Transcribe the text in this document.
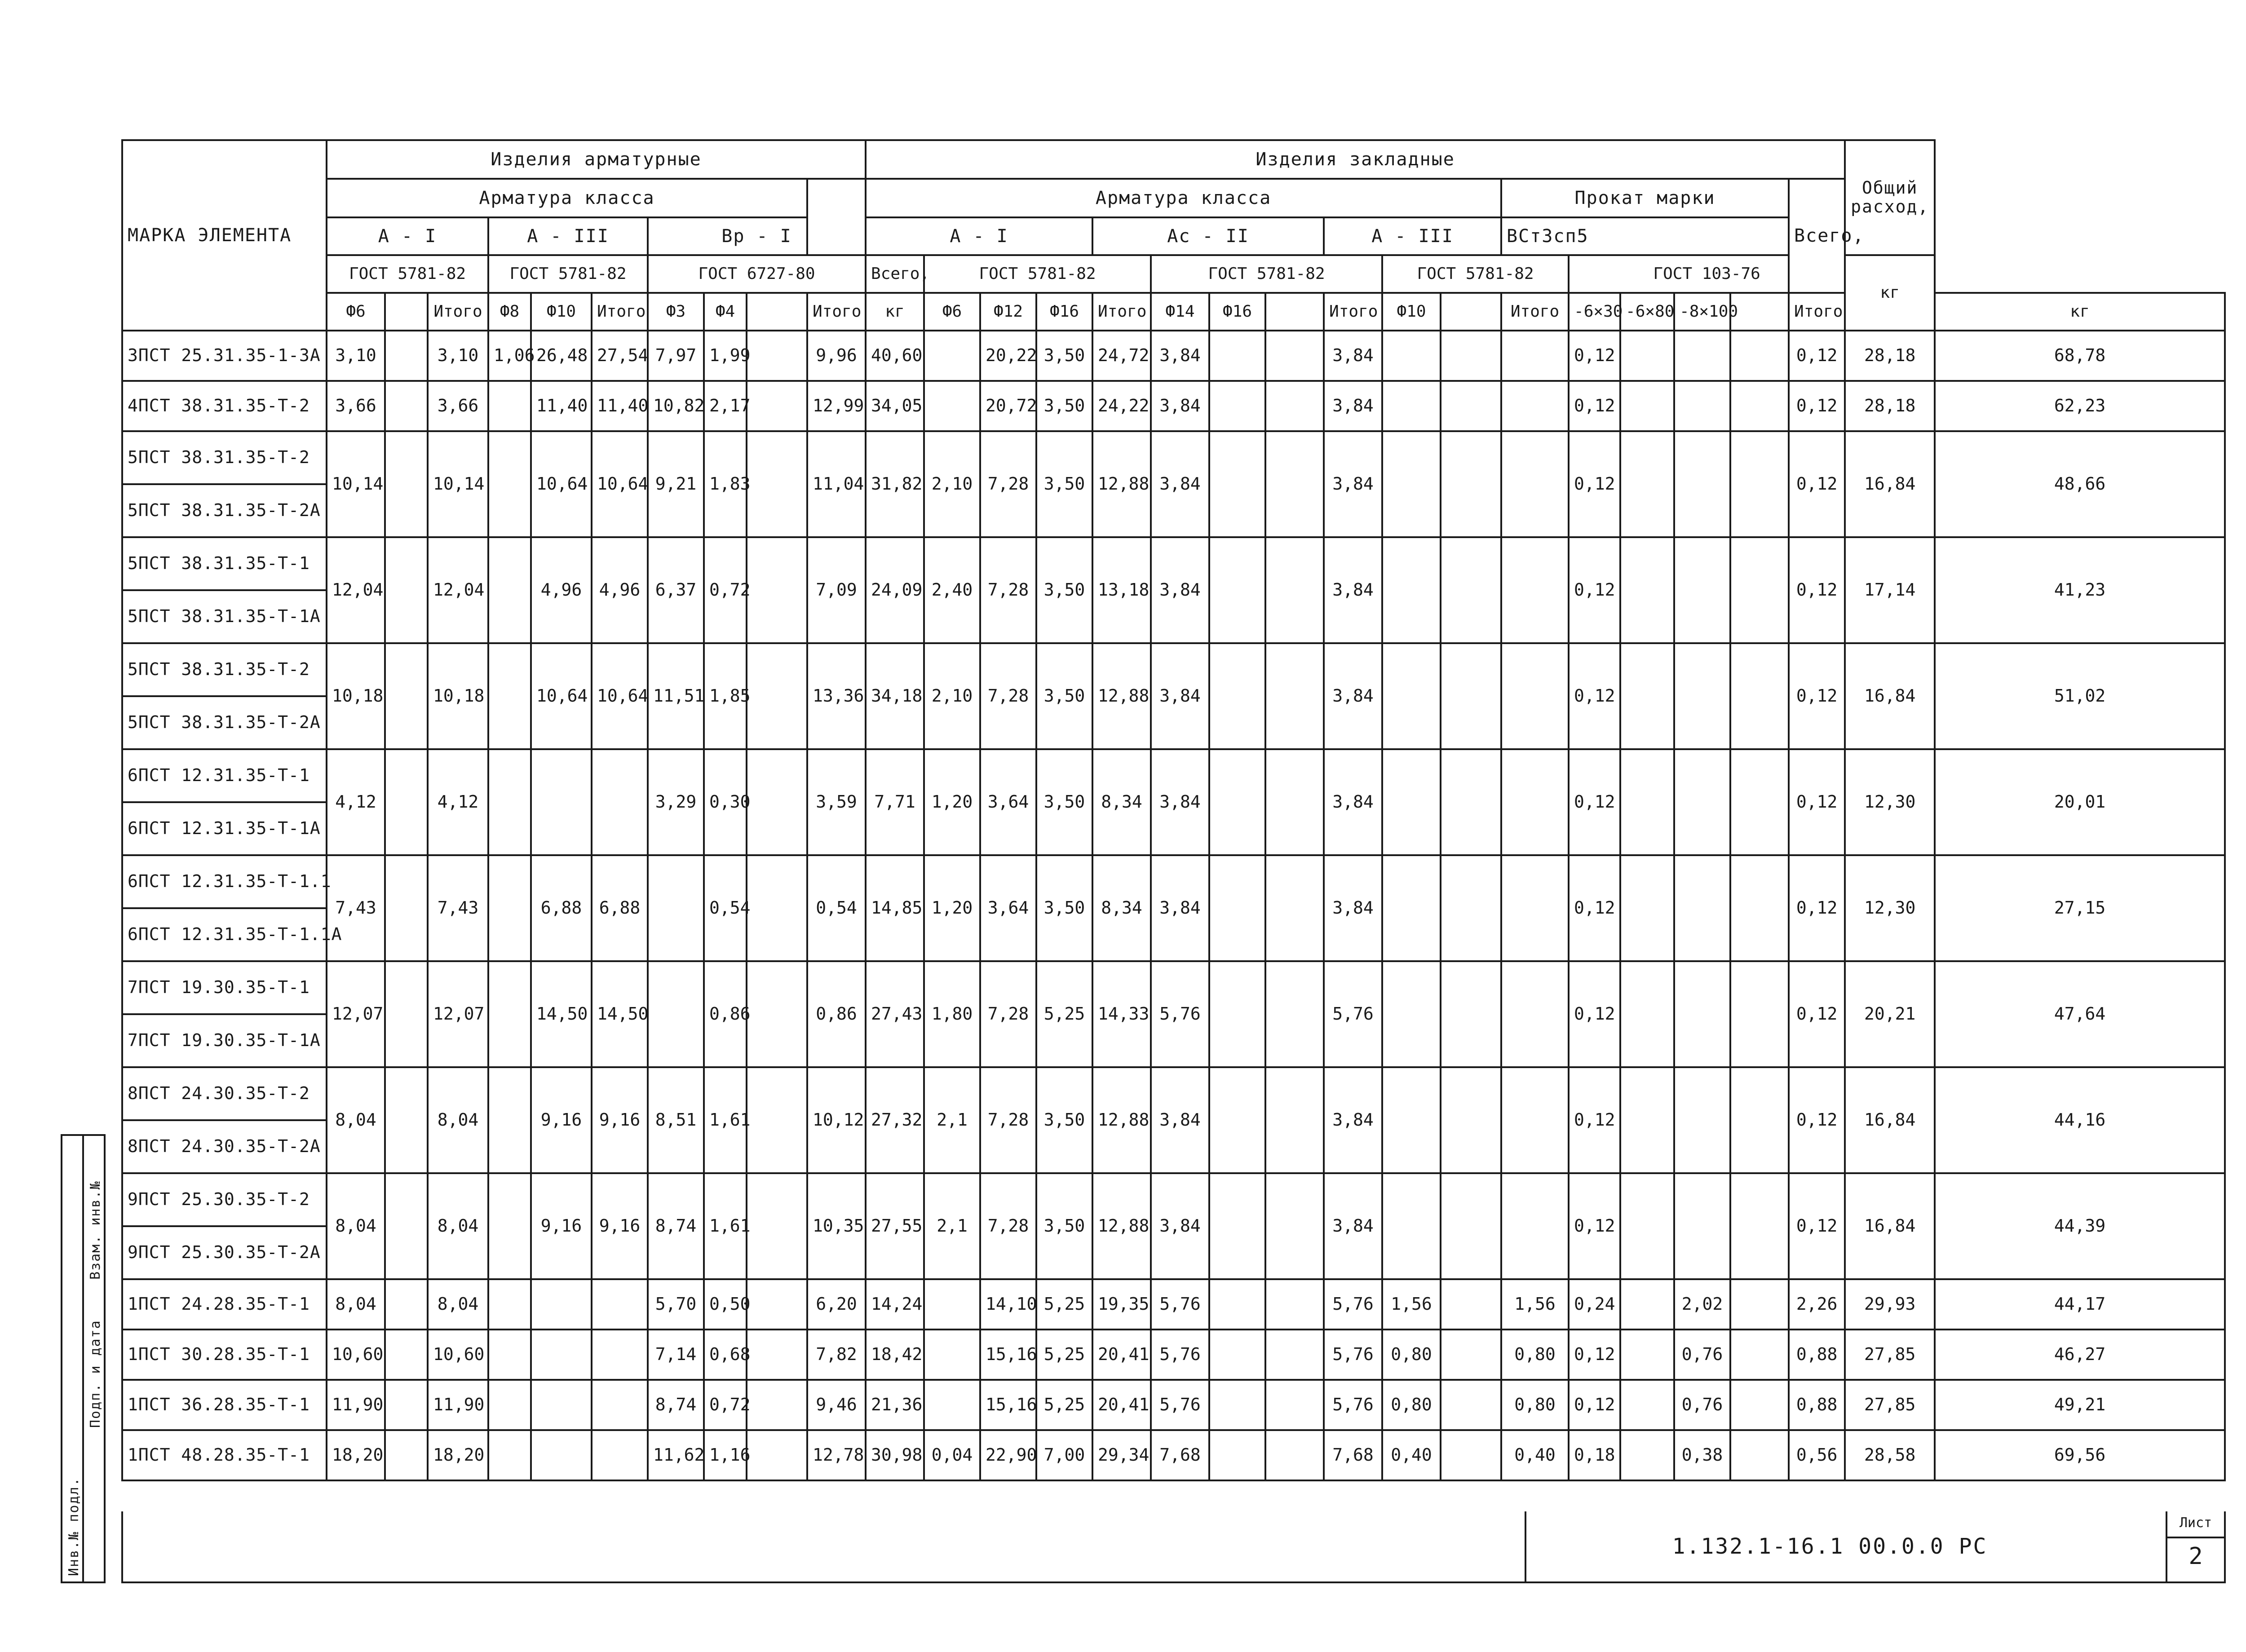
МАРКА ЭЛЕМЕНТА	Изделия арматурные										Изделия закладные																	Общий расход,	

	Арматура класса										Арматура класса											Прокат марки					Всего,		
	А - I			А - III			Вр - I				А - I				Ас - II				А - III			ВСт3сп5							
	ГОСТ 5781-82			ГОСТ 5781-82			ГОСТ 6727-80				Всего,	ГОСТ 5781-82				ГОСТ 5781-82				ГОСТ 5781-82			ГОСТ 103-76					кг	
	Ф6		Итого	Ф8	Ф10	Итого	Ф3	Ф4		Итого	кг	Ф6	Ф12	Ф16	Итого	Ф14	Ф16		Итого	Ф10		Итого	-6×30	-6×80	-8×100		Итого		кг
3ПСТ 25.31.35-1-3А	3,10		3,10	1,06	26,48	27,54	7,97	1,99		9,96	40,60		20,22	3,50	24,72	3,84			3,84				0,12				0,12	28,18	68,78
4ПСТ 38.31.35-Т-2	3,66		3,66		11,40	11,40	10,82	2,17		12,99	34,05		20,72	3,50	24,22	3,84			3,84				0,12				0,12	28,18	62,23
5ПСТ 38.31.35-Т-2	10,14		10,14		10,64	10,64	9,21	1,83		11,04	31,82	2,10	7,28	3,50	12,88	3,84			3,84				0,12				0,12	16,84	48,66
5ПСТ 38.31.35-Т-2А																													
5ПСТ 38.31.35-Т-1	12,04		12,04		4,96	4,96	6,37	0,72		7,09	24,09	2,40	7,28	3,50	13,18	3,84			3,84				0,12				0,12	17,14	41,23
5ПСТ 38.31.35-Т-1А																													
5ПСТ 38.31.35-Т-2	10,18		10,18		10,64	10,64	11,51	1,85		13,36	34,18	2,10	7,28	3,50	12,88	3,84			3,84				0,12				0,12	16,84	51,02
5ПСТ 38.31.35-Т-2А																													
6ПСТ 12.31.35-Т-1	4,12		4,12				3,29	0,30		3,59	7,71	1,20	3,64	3,50	8,34	3,84			3,84				0,12				0,12	12,30	20,01
6ПСТ 12.31.35-Т-1А																													
6ПСТ 12.31.35-Т-1.1	7,43		7,43		6,88	6,88		0,54		0,54	14,85	1,20	3,64	3,50	8,34	3,84			3,84				0,12				0,12	12,30	27,15
6ПСТ 12.31.35-Т-1.1А																													
7ПСТ 19.30.35-Т-1	12,07		12,07		14,50	14,50		0,86		0,86	27,43	1,80	7,28	5,25	14,33	5,76			5,76				0,12				0,12	20,21	47,64
7ПСТ 19.30.35-Т-1А																													
8ПСТ 24.30.35-Т-2	8,04		8,04		9,16	9,16	8,51	1,61		10,12	27,32	2,1	7,28	3,50	12,88	3,84			3,84				0,12				0,12	16,84	44,16
8ПСТ 24.30.35-Т-2А																													
9ПСТ 25.30.35-Т-2	8,04		8,04		9,16	9,16	8,74	1,61		10,35	27,55	2,1	7,28	3,50	12,88	3,84			3,84				0,12				0,12	16,84	44,39
9ПСТ 25.30.35-Т-2А																													
1ПСТ 24.28.35-Т-1	8,04		8,04				5,70	0,50		6,20	14,24		14,10	5,25	19,35	5,76			5,76	1,56		1,56	0,24		2,02		2,26	29,93	44,17
1ПСТ 30.28.35-Т-1	10,60		10,60				7,14	0,68		7,82	18,42		15,16	5,25	20,41	5,76			5,76	0,80		0,80	0,12		0,76		0,88	27,85	46,27
1ПСТ 36.28.35-Т-1	11,90		11,90				8,74	0,72		9,46	21,36		15,16	5,25	20,41	5,76			5,76	0,80		0,80	0,12		0,76		0,88	27,85	49,21
1ПСТ 48.28.35-Т-1	18,20		18,20				11,62	1,16		12,78	30,98	0,04	22,90	7,00	29,34	7,68			7,68	0,40		0,40	0,18		0,38		0,56	28,58	69,56
1.132.1-16.1 00.0.0 РС
Лист
2
Инв.№ подл.
Подп. и дата
Взам. инв.№
